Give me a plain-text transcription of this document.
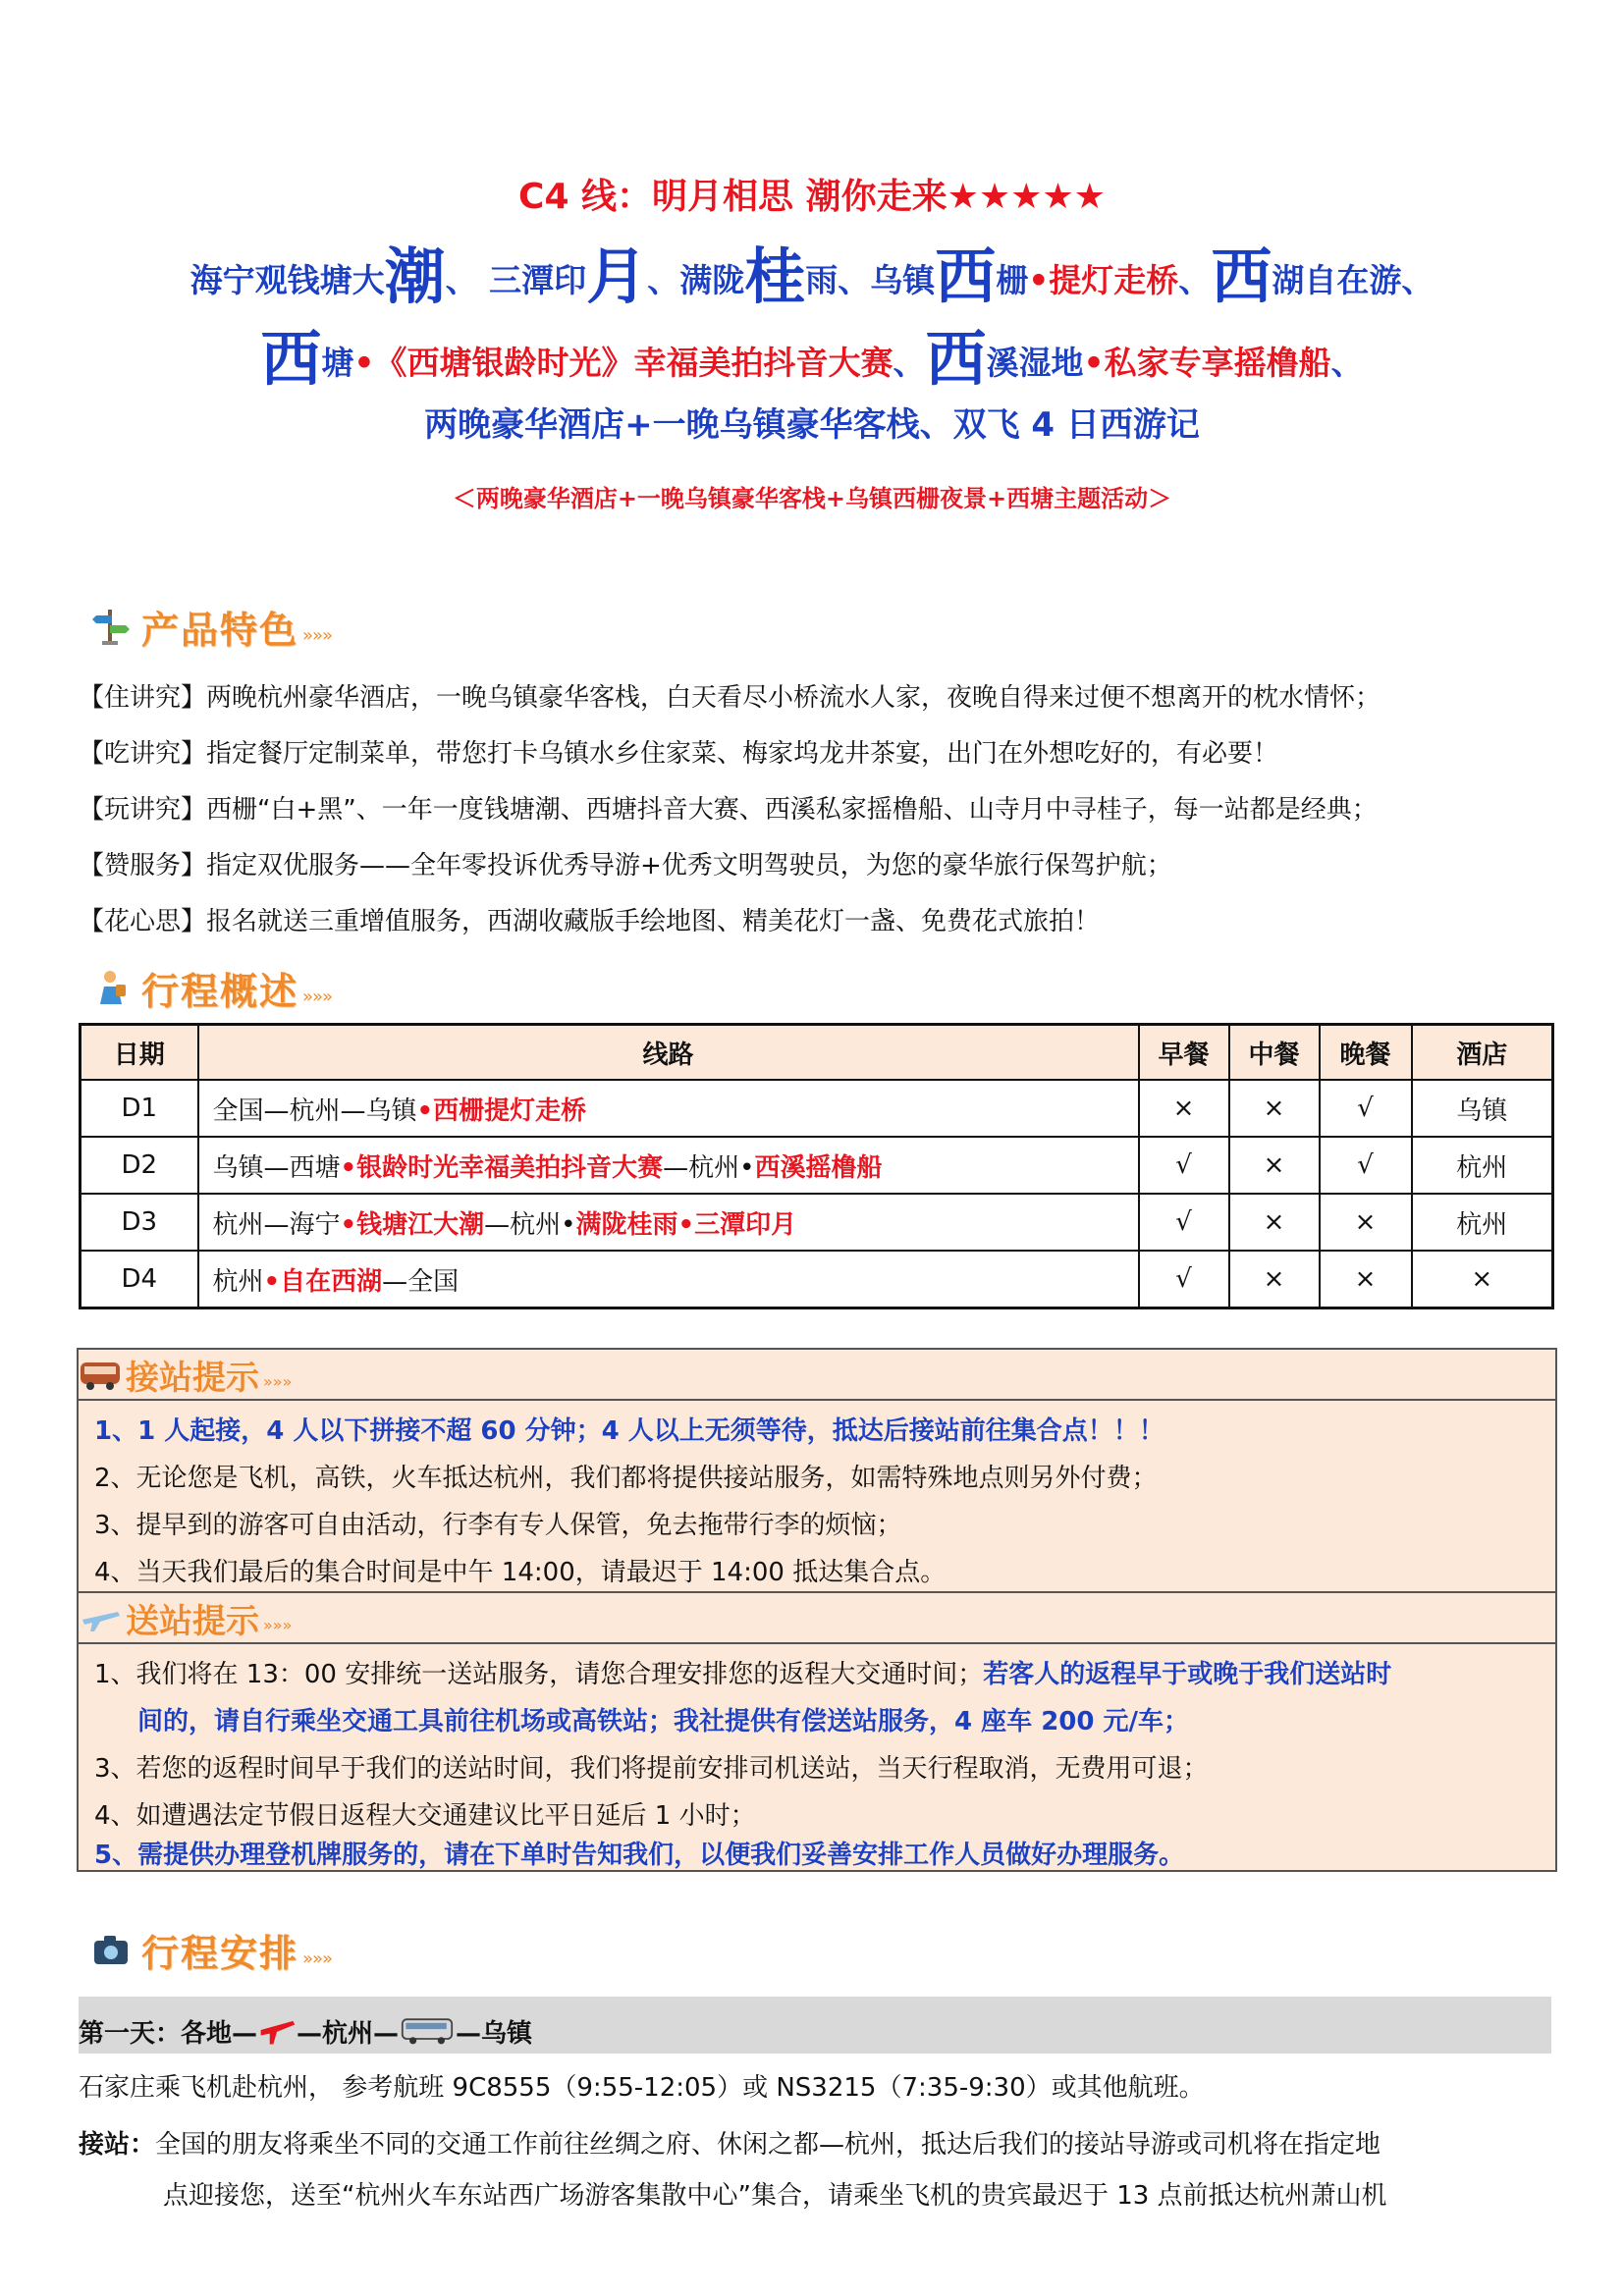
C4 线：明月相思 潮你走来★★★★★
海宁观钱塘大潮、 三潭印月、满陇桂雨、乌镇西栅•提灯走桥、西湖自在游、
西塘•《西塘银龄时光》幸福美拍抖音大赛、西溪湿地•私家专享摇橹船、
两晚豪华酒店+一晚乌镇豪华客栈、双飞 4 日西游记
＜两晚豪华酒店+一晚乌镇豪华客栈+乌镇西栅夜景+西塘主题活动＞
产品特色 »»»
【住讲究】两晚杭州豪华酒店，一晚乌镇豪华客栈，白天看尽小桥流水人家，夜晚自得来过便不想离开的枕水情怀；
【吃讲究】指定餐厅定制菜单，带您打卡乌镇水乡住家菜、梅家坞龙井茶宴，出门在外想吃好的，有必要！
【玩讲究】西栅“白+黑”、一年一度钱塘潮、西塘抖音大赛、西溪私家摇橹船、山寺月中寻桂子，每一站都是经典；
【赞服务】指定双优服务——全年零投诉优秀导游+优秀文明驾驶员，为您的豪华旅行保驾护航；
【花心思】报名就送三重增值服务，西湖收藏版手绘地图、精美花灯一盏、免费花式旅拍！
行程概述 »»»
日期	线路	早餐	中餐	晚餐	酒店
D1	全国—杭州—乌镇•西栅提灯走桥	×	×	√	乌镇
D2	乌镇—西塘•银龄时光幸福美拍抖音大赛—杭州•西溪摇橹船	√	×	√	杭州
D3	杭州—海宁•钱塘江大潮—杭州•满陇桂雨•三潭印月	√	×	×	杭州
D4	杭州•自在西湖—全国	√	×	×	×
接站提示 »»»
1、1 人起接，4 人以下拼接不超 60 分钟；4 人以上无须等待，抵达后接站前往集合点！！！
2、无论您是飞机，高铁，火车抵达杭州，我们都将提供接站服务，如需特殊地点则另外付费；
3、提早到的游客可自由活动，行李有专人保管，免去拖带行李的烦恼；
4、当天我们最后的集合时间是中午 14:00，请最迟于 14:00 抵达集合点。
送站提示 »»»
1、我们将在 13：00 安排统一送站服务，请您合理安排您的返程大交通时间；若客人的返程早于或晚于我们送站时
间的，请自行乘坐交通工具前往机场或高铁站；我社提供有偿送站服务，4 座车 200 元/车；
3、若您的返程时间早于我们的送站时间，我们将提前安排司机送站，当天行程取消，无费用可退；
4、如遭遇法定节假日返程大交通建议比平日延后 1 小时；
5、需提供办理登机牌服务的，请在下单时告知我们，以便我们妥善安排工作人员做好办理服务。
行程安排 »»»
第一天：各地— —杭州— —乌镇
石家庄乘飞机赴杭州， 参考航班 9C8555（9:55-12:05）或 NS3215（7:35-9:30）或其他航班。
接站：全国的朋友将乘坐不同的交通工作前往丝绸之府、休闲之都—杭州，抵达后我们的接站导游或司机将在指定地
点迎接您，送至“杭州火车东站西广场游客集散中心”集合，请乘坐飞机的贵宾最迟于 13 点前抵达杭州萧山机
